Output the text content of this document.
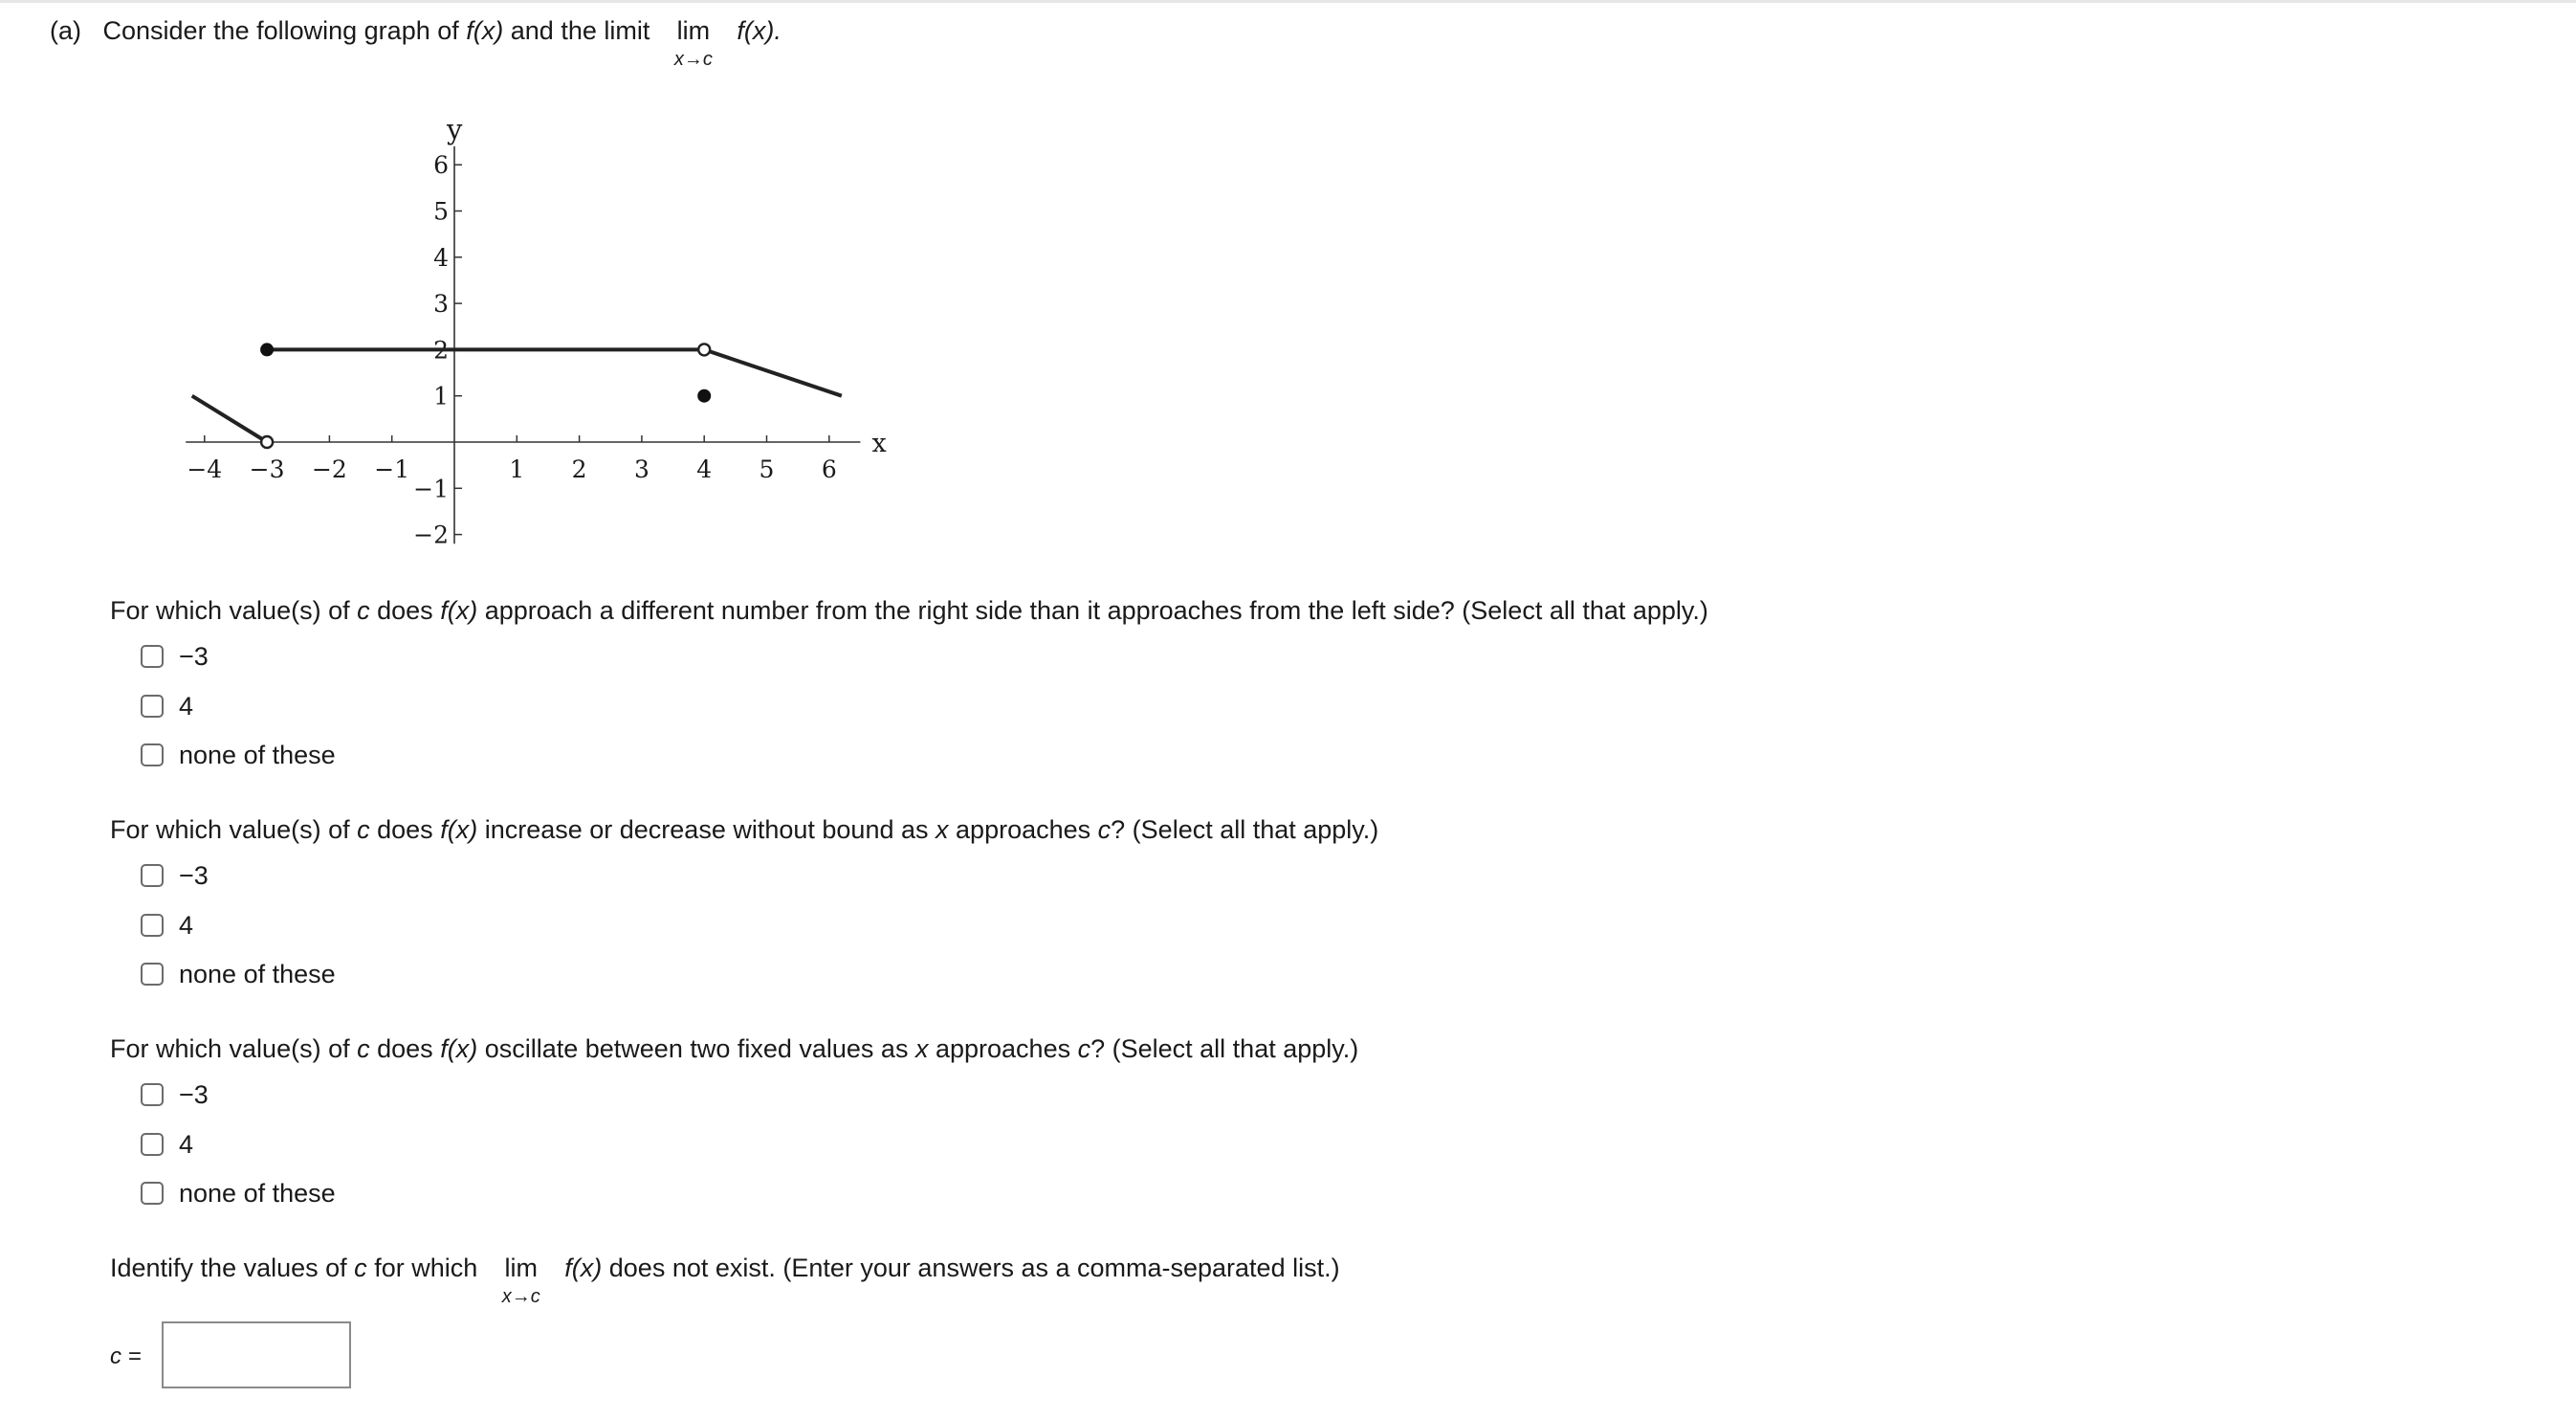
(a) Consider the following graph of f(x) and the limit lim
x→c
f(x).
x
y
−4 −3 −2 −1	1 2 3 4 5 6
−2
−1
1
2
3
4
5
6
For which value(s) of c does f(x) approach a different number from the right side than it approaches from the left side? (Select all that apply.)
−3
4
none of these
For which value(s) of c does f(x) increase or decrease without bound as x approaches c? (Select all that apply.)
−3
4
none of these
For which value(s) of c does f(x) oscillate between two fixed values as x approaches c? (Select all that apply.)
−3
4
none of these
Identify the values of c for which lim
x→c
f(x) does not exist. (Enter your answers as a comma-separated list.)
c =
